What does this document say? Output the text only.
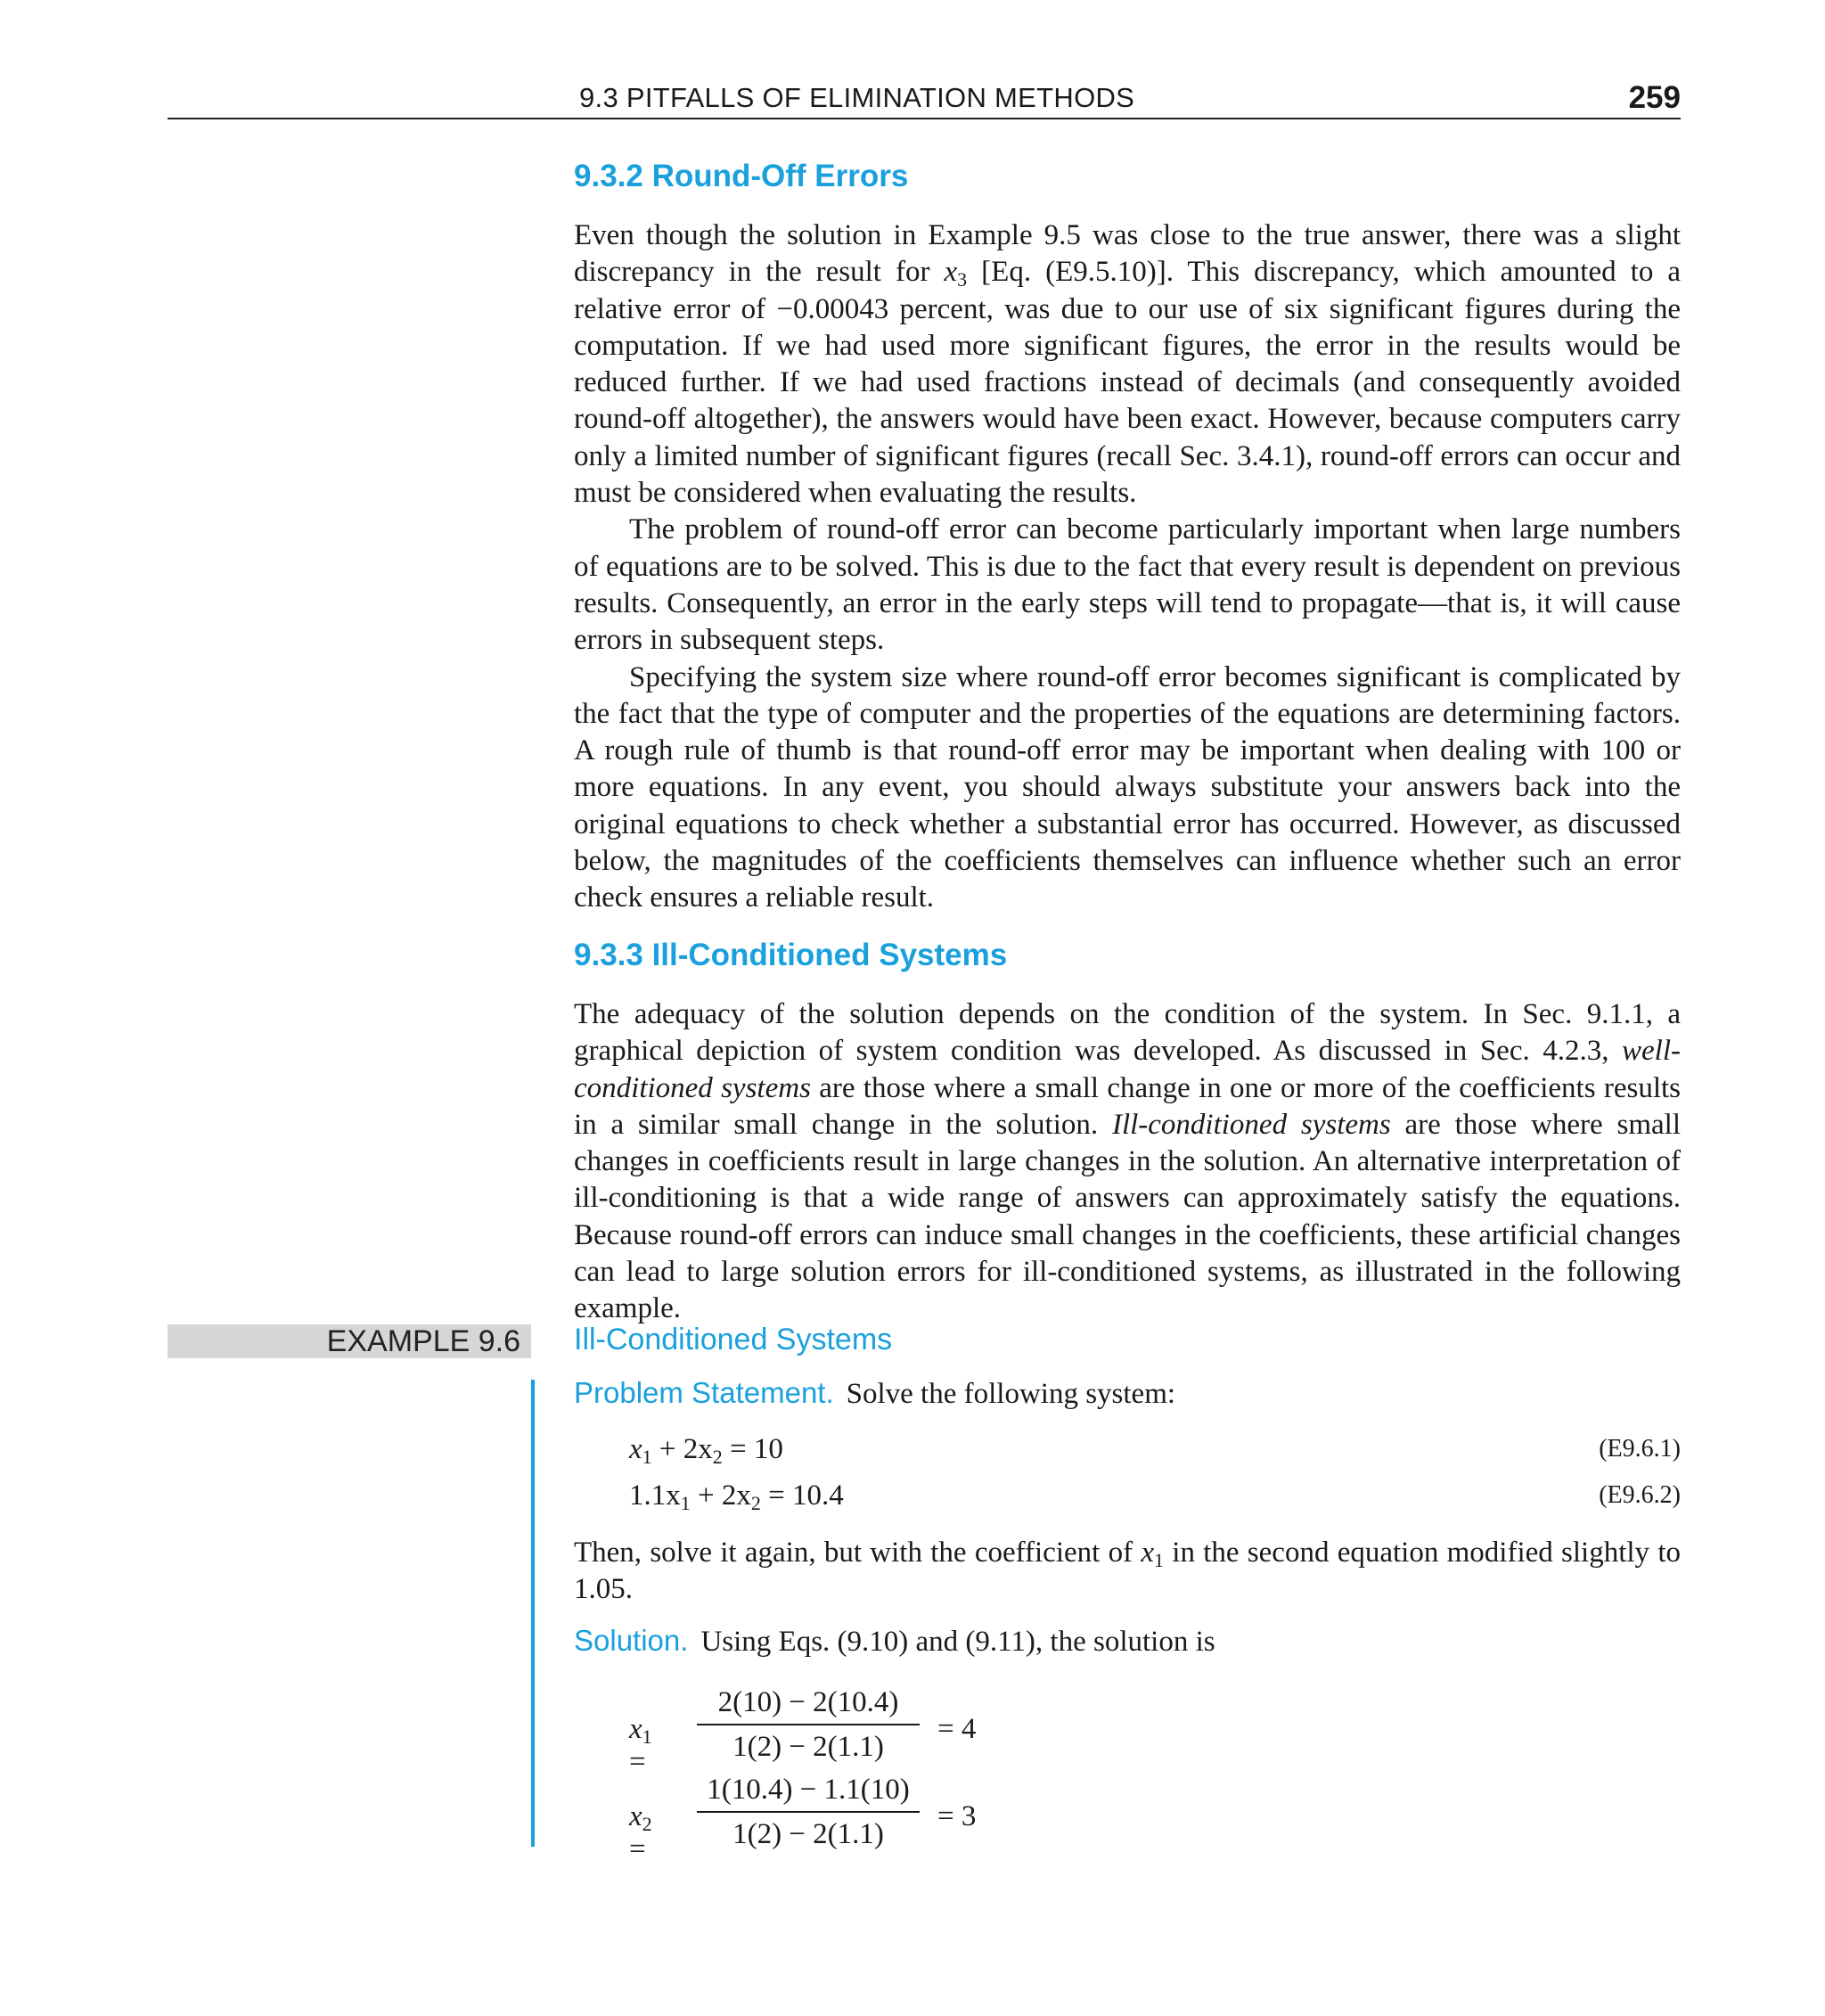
9.3 PITFALLS OF ELIMINATION METHODS	259
9.3.2 Round-Off Errors

Even though the solution in Example 9.5 was close to the true answer, there was a slight discrepancy in the result for $x_3$ [Eq. (E9.5.10)]. This discrepancy, which amounted to a relative error of −0.00043 percent, was due to our use of six significant figures during the computation. If we had used more significant figures, the error in the results would be reduced further. If we had used fractions instead of decimals (and consequently avoided round-off altogether), the answers would have been exact. However, because computers carry only a limited number of significant figures (recall Sec. 3.4.1), round-off errors can occur and must be considered when evaluating the results.

The problem of round-off error can become particularly important when large numbers of equations are to be solved. This is due to the fact that every result is dependent on previous results. Consequently, an error in the early steps will tend to propagate—that is, it will cause errors in subsequent steps.

Specifying the system size where round-off error becomes significant is complicated by the fact that the type of computer and the properties of the equations are determining factors. A rough rule of thumb is that round-off error may be important when dealing with 100 or more equations. In any event, you should always substitute your answers back into the original equations to check whether a substantial error has occurred. However, as discussed below, the magnitudes of the coefficients themselves can influence whether such an error check ensures a reliable result.

9.3.3 Ill-Conditioned Systems

The adequacy of the solution depends on the condition of the system. In Sec. 9.1.1, a graphical depiction of system condition was developed. As discussed in Sec. 4.2.3, well-conditioned systems are those where a small change in one or more of the coefficients results in a similar small change in the solution. Ill-conditioned systems are those where small changes in coefficients result in large changes in the solution. An alternative interpretation of ill-conditioning is that a wide range of answers can approximately satisfy the equations. Because round-off errors can induce small changes in the coefficients, these artificial changes can lead to large solution errors for ill-conditioned systems, as illustrated in the following example.

EXAMPLE 9.6 Ill-Conditioned Systems
Problem Statement. Solve the following system:
$x_1 + 2x_2 = 10$	(E9.6.1)
$1.1x_1 + 2x_2 = 10.4$	(E9.6.2)

Then, solve it again, but with the coefficient of $x_1$ in the second equation modified slightly to 1.05.

Solution. Using Eqs. (9.10) and (9.11), the solution is
$x_1$ =
2(10) − 2(10.4)
1(2) − 2(1.1)
= 4
$x_2$ =
1(10.4) − 1.1(10)
1(2) − 2(1.1)
= 3
